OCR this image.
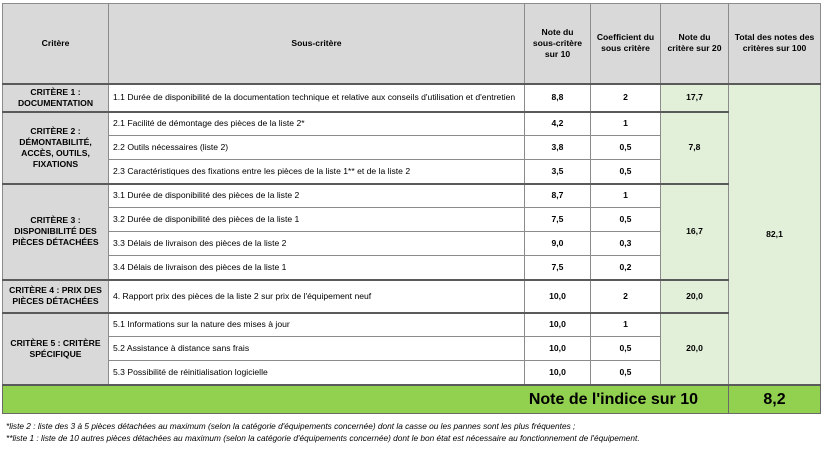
Critère	Sous-critère	Note du sous-critère sur 10	Coefficient du sous critère	Note du critère sur 20	Total des notes des critères sur 100
CRITÈRE 1 : DOCUMENTATION	1.1 Durée de disponibilité de la documentation technique et relative aux conseils d'utilisation et d'entretien	8,8	2	17,7	82,1
CRITÈRE 2 : DÉMONTABILITÉ, ACCÈS, OUTILS, FIXATIONS	2.1 Facilité de démontage des pièces de la liste 2*	4,2	1	7,8	
	2.2 Outils nécessaires (liste 2)	3,8	0,5		
	2.3 Caractéristiques des fixations entre les pièces de la liste 1** et de la liste 2	3,5	0,5		
CRITÈRE 3 : DISPONIBILITÉ DES PIÈCES DÉTACHÉES	3.1 Durée de disponibilité des pièces de la liste 2	8,7	1	16,7	
	3.2 Durée de disponibilité des pièces de la liste 1	7,5	0,5		
	3.3 Délais de livraison des pièces de la liste 2	9,0	0,3		
	3.4 Délais de livraison des pièces de la liste 1	7,5	0,2		
CRITÈRE 4 : PRIX DES PIÈCES DÉTACHÉES	4. Rapport prix des pièces de la liste 2 sur prix de l'équipement neuf	10,0	2	20,0	
CRITÈRE 5 : CRITÈRE SPÉCIFIQUE	5.1 Informations sur la nature des mises à jour	10,0	1	20,0	
	5.2 Assistance à distance sans frais	10,0	0,5		
	5.3 Possibilité de réinitialisation logicielle	10,0	0,5		
Note de l'indice sur 10					8,2
*liste 2 : liste des 3 à 5 pièces détachées au maximum (selon la catégorie d'équipements concernée) dont la casse ou les pannes sont les plus fréquentes ;
**liste 1 : liste de 10 autres pièces détachées au maximum (selon la catégorie d'équipements concernée) dont le bon état est nécessaire au fonctionnement de l'équipement.
